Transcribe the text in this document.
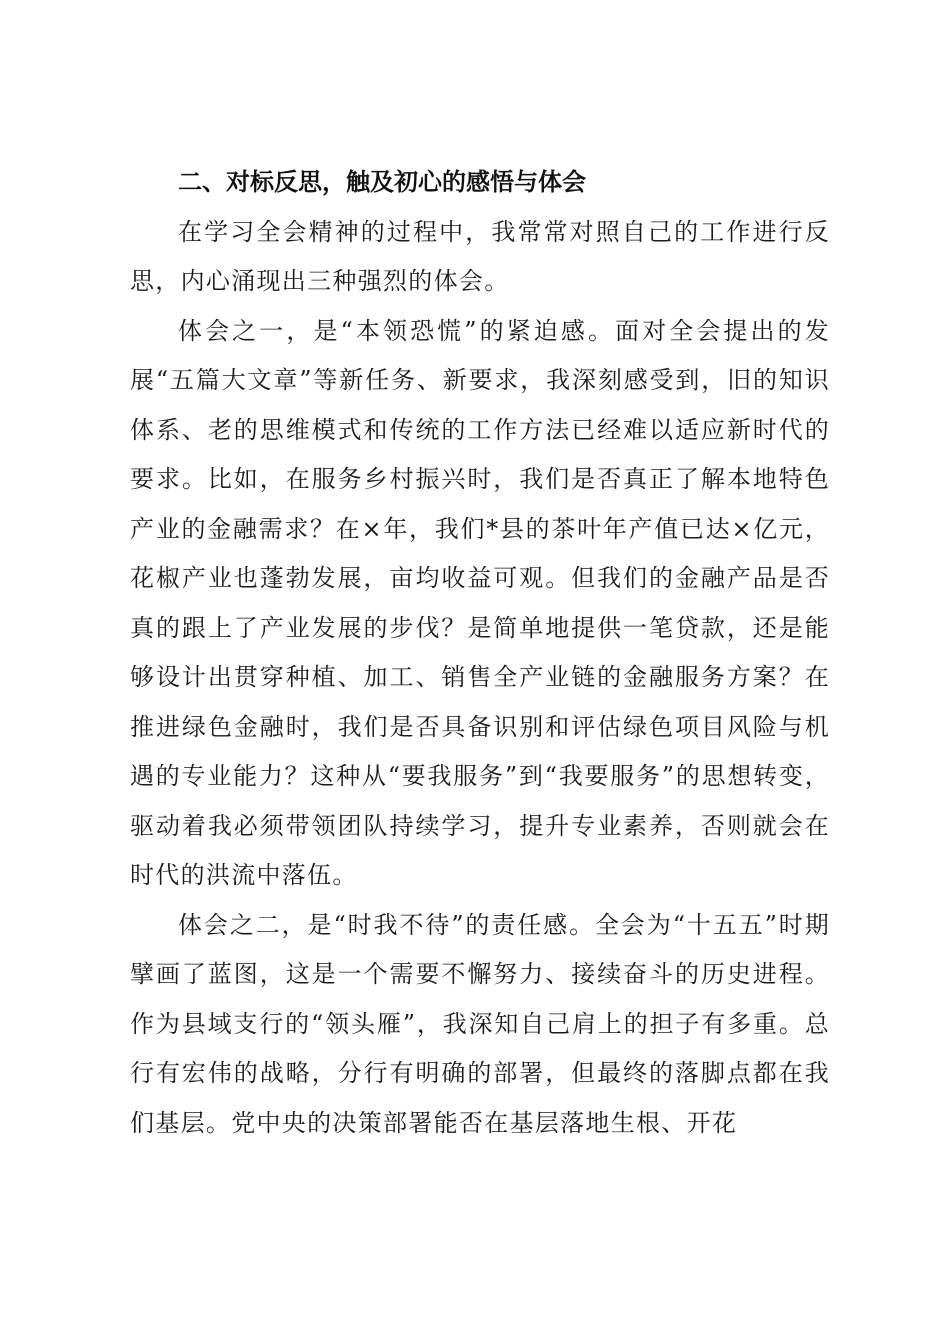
二、对标反思，触及初心的感悟与体会

在学习全会精神的过程中，我常常对照自己的工作进行反思，内心涌现出三种强烈的体会。

体会之一，是“本领恐慌”的紧迫感。面对全会提出的发展“五篇大文章”等新任务、新要求，我深刻感受到，旧的知识体系、老的思维模式和传统的工作方法已经难以适应新时代的要求。比如，在服务乡村振兴时，我们是否真正了解本地特色产业的金融需求？在×年，我们*县的茶叶年产值已达×亿元，花椒产业也蓬勃发展，亩均收益可观。但我们的金融产品是否真的跟上了产业发展的步伐？是简单地提供一笔贷款，还是能够设计出贯穿种植、加工、销售全产业链的金融服务方案？在推进绿色金融时，我们是否具备识别和评估绿色项目风险与机遇的专业能力？这种从“要我服务”到“我要服务”的思想转变，驱动着我必须带领团队持续学习，提升专业素养，否则就会在时代的洪流中落伍。

体会之二，是“时我不待”的责任感。全会为“十五五”时期擘画了蓝图，这是一个需要不懈努力、接续奋斗的历史进程。作为县域支行的“领头雁”，我深知自己肩上的担子有多重。总行有宏伟的战略，分行有明确的部署，但最终的落脚点都在我们基层。党中央的决策部署能否在基层落地生根、开花
